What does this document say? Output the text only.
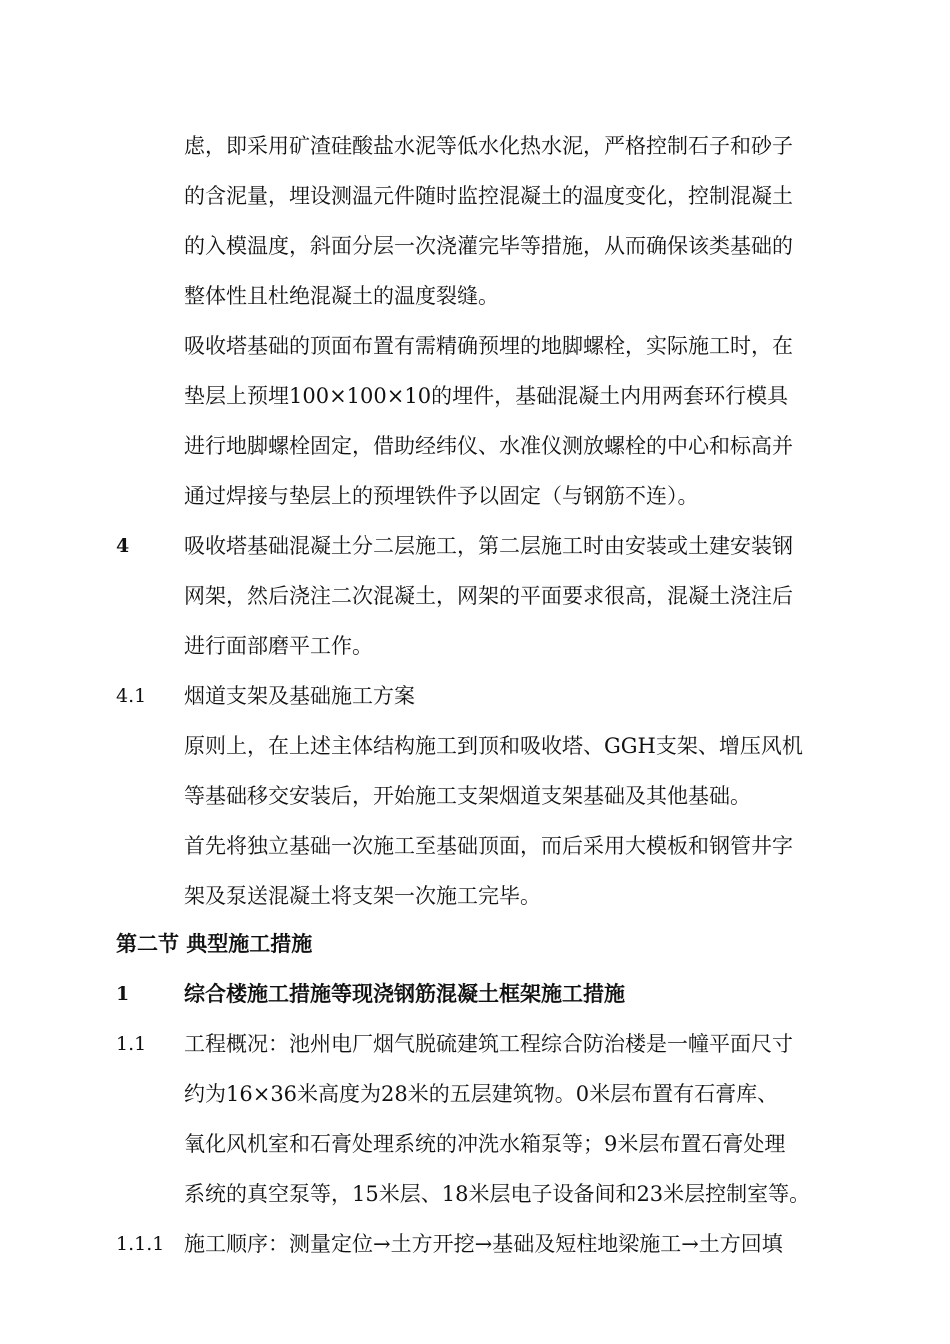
虑，即采用矿渣硅酸盐水泥等低水化热水泥，严格控制石子和砂子
的含泥量，埋设测温元件随时监控混凝土的温度变化，控制混凝土
的入模温度，斜面分层一次浇灌完毕等措施，从而确保该类基础的
整体性且杜绝混凝土的温度裂缝。
吸收塔基础的顶面布置有需精确预埋的地脚螺栓，实际施工时，在
垫层上预埋100×100×10的埋件，基础混凝土内用两套环行模具
进行地脚螺栓固定，借助经纬仪、水准仪测放螺栓的中心和标高并
通过焊接与垫层上的预埋铁件予以固定（与钢筋不连）。
4	吸收塔基础混凝土分二层施工，第二层施工时由安装或土建安装钢
网架，然后浇注二次混凝土，网架的平面要求很高，混凝土浇注后
进行面部磨平工作。
4.1 烟道支架及基础施工方案
原则上，在上述主体结构施工到顶和吸收塔、GGH支架、增压风机
等基础移交安装后，开始施工支架烟道支架基础及其他基础。
首先将独立基础一次施工至基础顶面，而后采用大模板和钢管井字
架及泵送混凝土将支架一次施工完毕。
第二节 典型施工措施
1	综合楼施工措施等现浇钢筋混凝土框架施工措施
1.1 工程概况：池州电厂烟气脱硫建筑工程综合防治楼是一幢平面尺寸
约为16×36米高度为28米的五层建筑物。0米层布置有石膏库、
氧化风机室和石膏处理系统的冲洗水箱泵等；9米层布置石膏处理
系统的真空泵等，15米层、18米层电子设备间和23米层控制室等。
1.1.1 施工顺序：测量定位→土方开挖→基础及短柱地梁施工→土方回填
